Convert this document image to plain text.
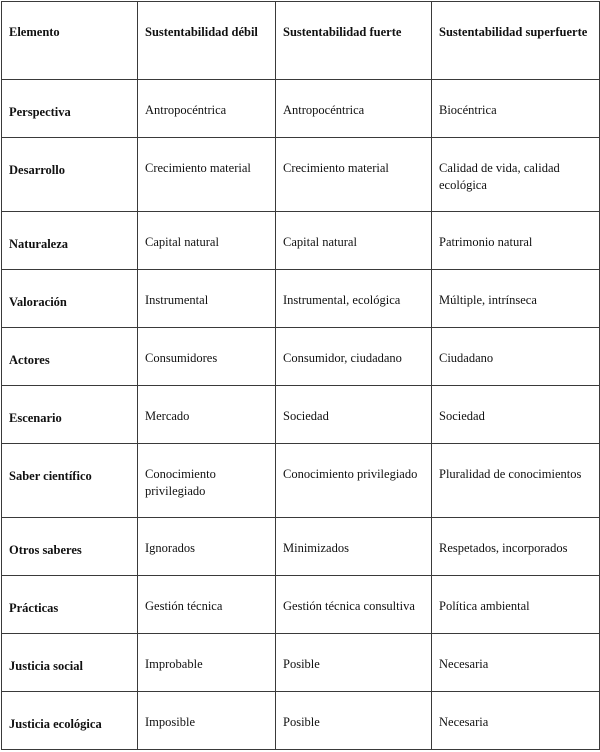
Elemento	Sustentabilidad débil	Sustentabilidad fuerte	Sustentabilidad superfuerte
Perspectiva	Antropocéntrica	Antropocéntrica	Biocéntrica
Desarrollo	Crecimiento material	Crecimiento material	Calidad de vida, calidad ecológica
Naturaleza	Capital natural	Capital natural	Patrimonio natural
Valoración	Instrumental	Instrumental, ecológica	Múltiple, intrínseca
Actores	Consumidores	Consumidor, ciudadano	Ciudadano
Escenario	Mercado	Sociedad	Sociedad
Saber científico	Conocimiento privilegiado	Conocimiento privilegiado	Pluralidad de conocimientos
Otros saberes	Ignorados	Minimizados	Respetados, incorporados
Prácticas	Gestión técnica	Gestión técnica consultiva	Política ambiental
Justicia social	Improbable	Posible	Necesaria
Justicia ecológica	Imposible	Posible	Necesaria
